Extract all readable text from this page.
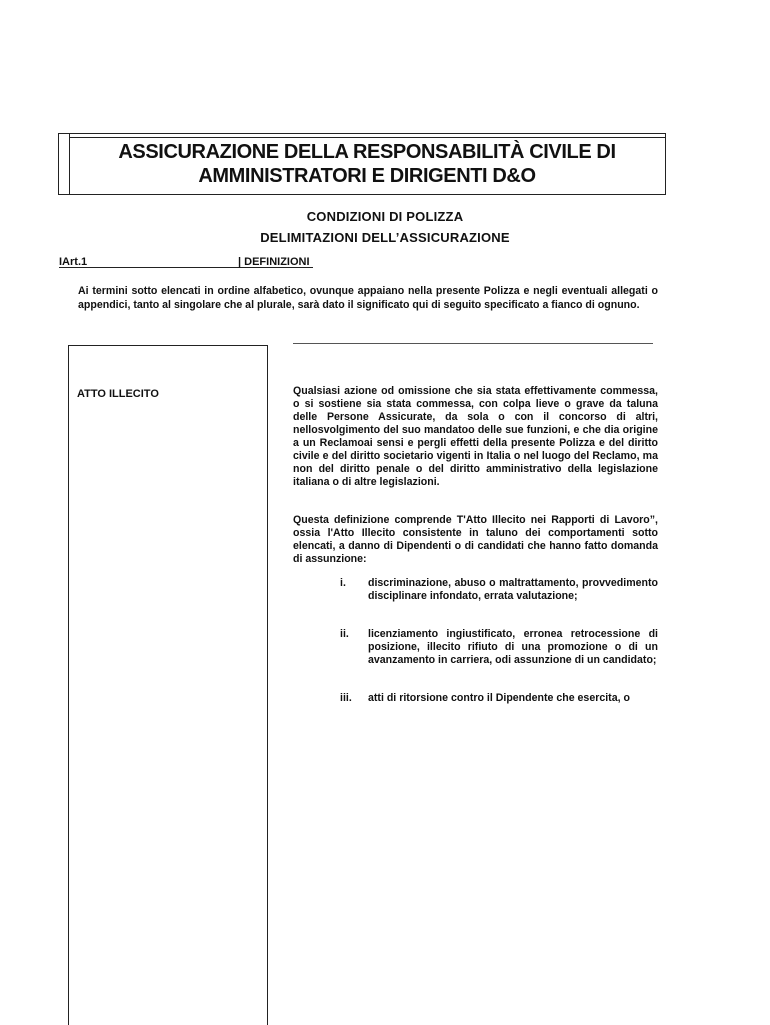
ASSICURAZIONE DELLA RESPONSABILITÀ CIVILE DI
AMMINISTRATORI E DIRIGENTI D&O
CONDIZIONI DI POLIZZA
DELIMITAZIONI DELL’ASSICURAZIONE
IArt.1	| DEFINIZIONI
Ai termini sotto elencati in ordine alfabetico, ovunque appaiano nella presente Polizza e negli eventuali allegati o appendici, tanto al singolare che al plurale, sarà dato il significato qui di seguito specificato a fianco di ognuno.
ATTO ILLECITO	Qualsiasi azione od omissione che sia stata effettivamente commessa, o si sostiene sia stata commessa, con colpa lieve o grave da taluna delle Persone Assicurate, da sola o con il concorso di altri, nellosvolgimento del suo mandatoo delle sue funzioni, e che dia origine a un Reclamoai sensi e pergli effetti della presente Polizza e del diritto civile e del diritto societario vigenti in Italia o nel luogo del Reclamo, ma non del diritto penale o del diritto amministrativo della legislazione italiana o di altre legislazioni.
Questa definizione comprende T'Atto Illecito nei Rapporti di Lavoro”, ossia l'Atto Illecito consistente in taluno dei comportamenti sotto elencati, a danno di Dipendenti o di candidati che hanno fatto domanda di assunzione:
i.	discriminazione, abuso o maltrattamento, provvedimento disciplinare infondato, errata valutazione;
ii.	licenziamento ingiustificato, erronea retrocessione di posizione, illecito rifiuto di una promozione o di un avanzamento in carriera, odi assunzione di un candidato;
iii.	atti di ritorsione contro il Dipendente che esercita, o
